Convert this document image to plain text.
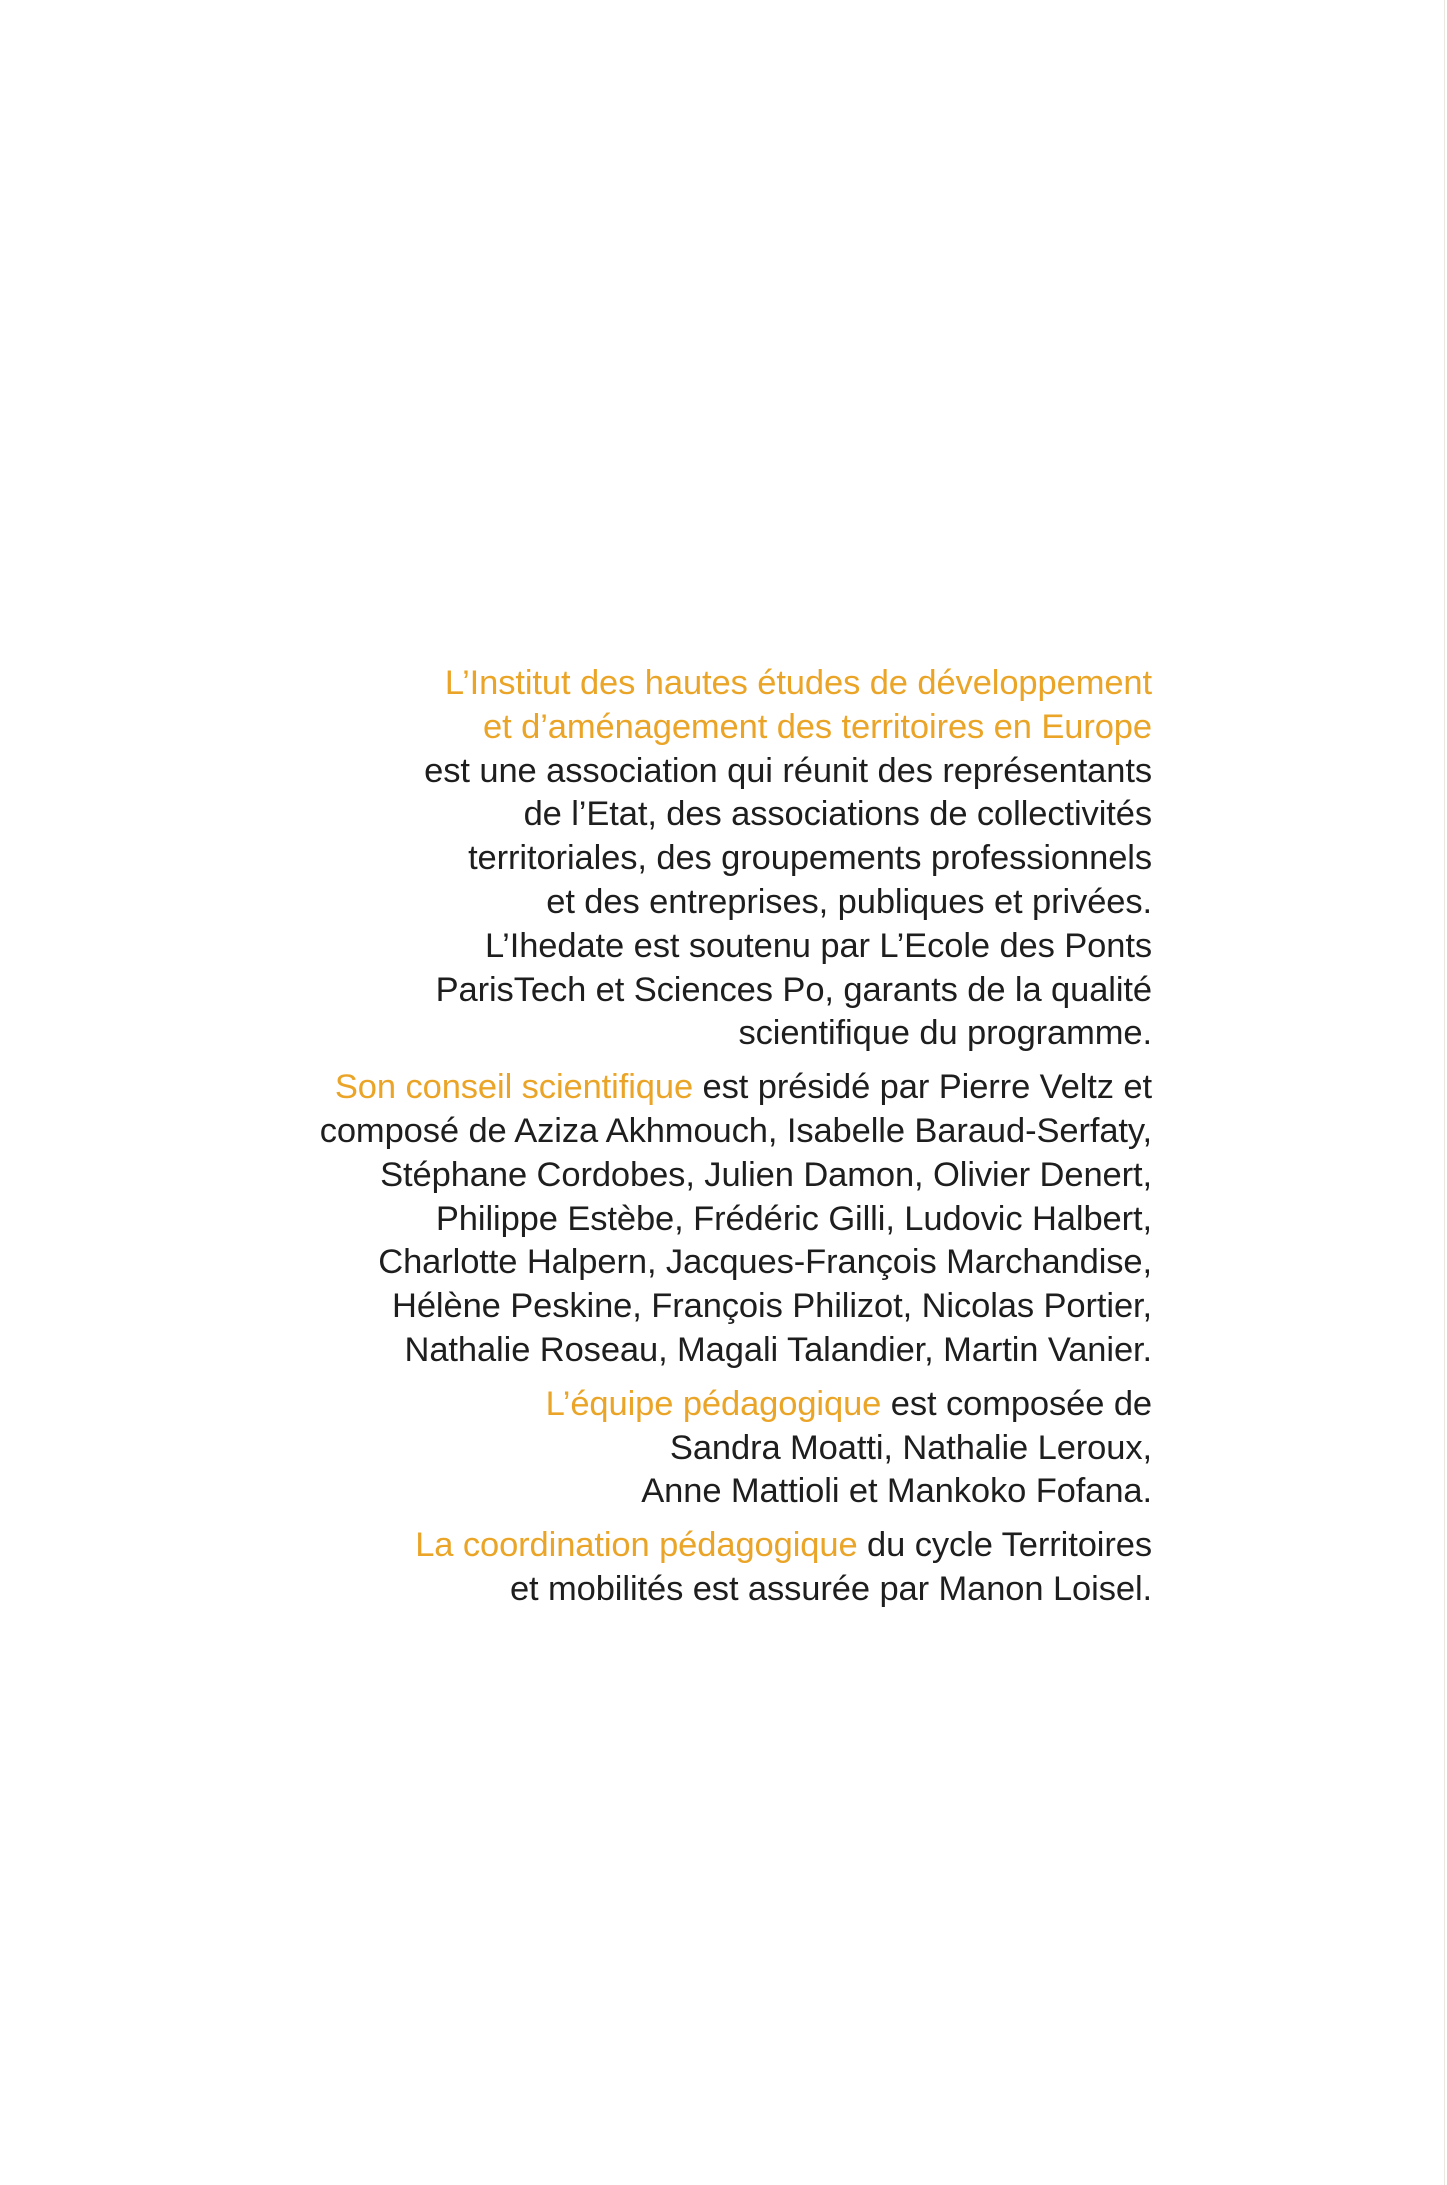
L’Institut des hautes études de développement
et d’aménagement des territoires en Europe
est une association qui réunit des représentants
de l’Etat, des associations de collectivités
territoriales, des groupements professionnels
et des entreprises, publiques et privées.
L’Ihedate est soutenu par L’Ecole des Ponts
ParisTech et Sciences Po, garants de la qualité
scientifique du programme.

Son conseil scientifique est présidé par Pierre Veltz et
composé de Aziza Akhmouch, Isabelle Baraud-Serfaty,
Stéphane Cordobes, Julien Damon, Olivier Denert,
Philippe Estèbe, Frédéric Gilli, Ludovic Halbert,
Charlotte Halpern, Jacques-François Marchandise,
Hélène Peskine, François Philizot, Nicolas Portier,
Nathalie Roseau, Magali Talandier, Martin Vanier.

L’équipe pédagogique est composée de
Sandra Moatti, Nathalie Leroux,
Anne Mattioli et Mankoko Fofana.

La coordination pédagogique du cycle Territoires
et mobilités est assurée par Manon Loisel.
